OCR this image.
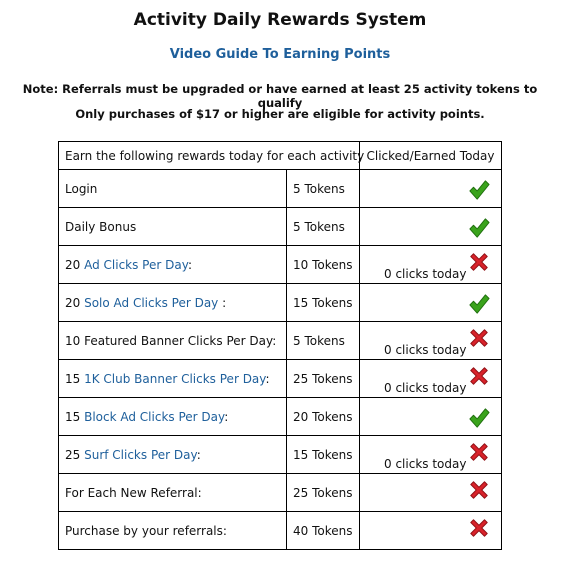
Activity Daily Rewards System
Video Guide To Earning Points
Note: Referrals must be upgraded or have earned at least 25 activity tokens to qualify
Only purchases of $17 or higher are eligible for activity points.
Earn the following rewards today for each activity		Clicked/Earned Today
Login	5 Tokens	

Daily Bonus	5 Tokens	

20 Ad Clicks Per Day:	10 Tokens	0 clicks today

20 Solo Ad Clicks Per Day :	15 Tokens	

10 Featured Banner Clicks Per Day:	5 Tokens	0 clicks today

15 1K Club Banner Clicks Per Day:	25 Tokens	0 clicks today

15 Block Ad Clicks Per Day:	20 Tokens	

25 Surf Clicks Per Day:	15 Tokens	0 clicks today

For Each New Referral:	25 Tokens	

Purchase by your referrals:	40 Tokens	
